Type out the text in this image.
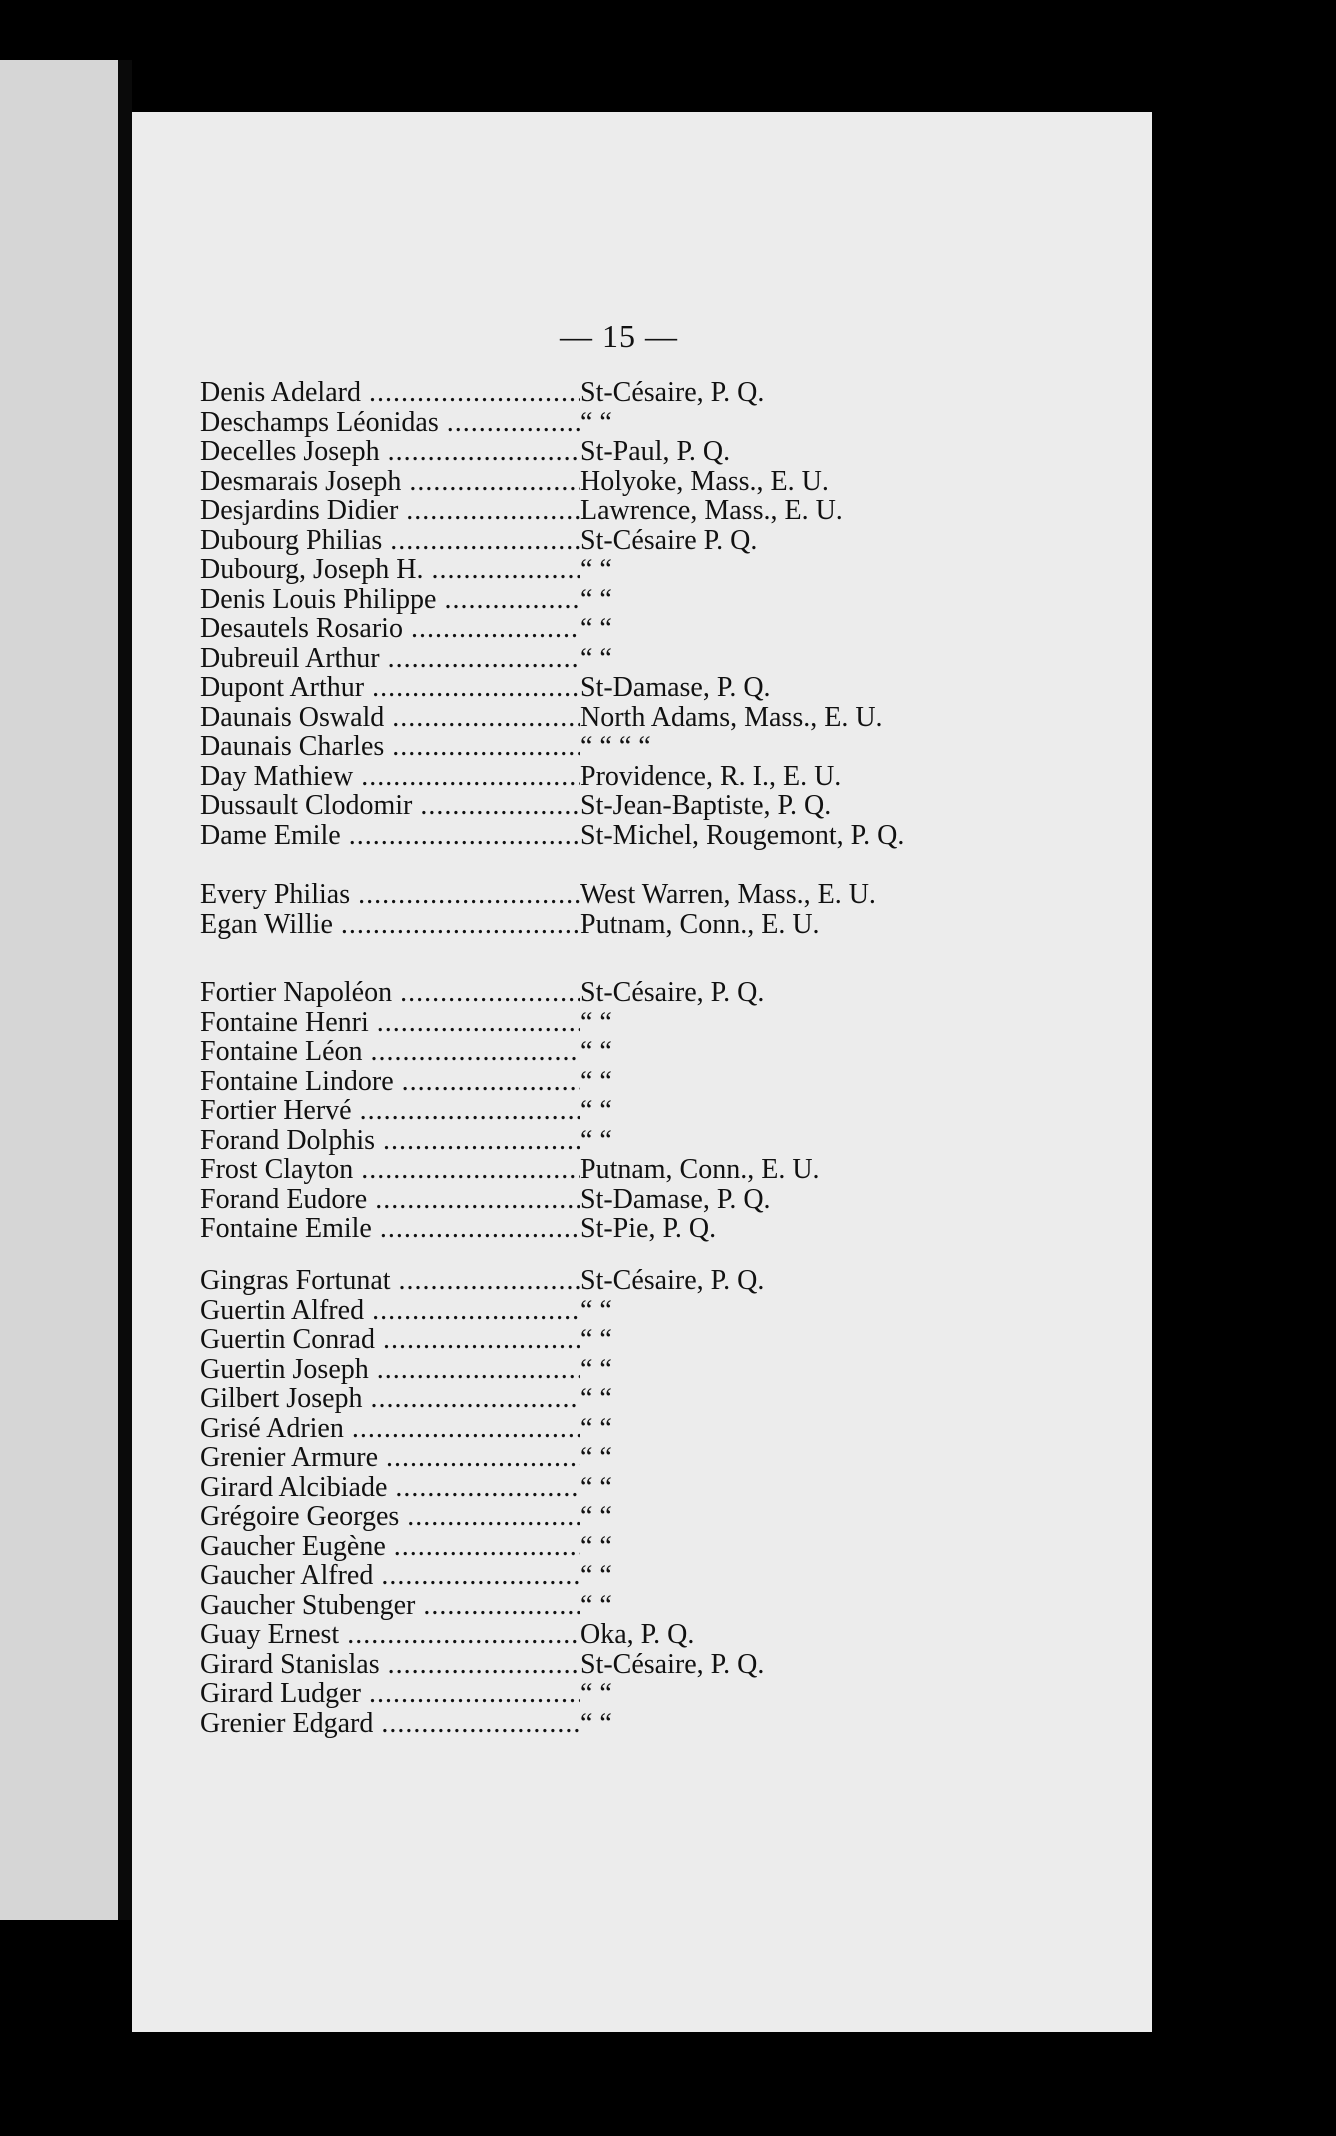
— 15 —
Denis Adelard .....	St-Césaire, P. Q.
Deschamps Léonidas .....	“ “
Decelles Joseph .....	St-Paul, P. Q.
Desmarais Joseph .....	Holyoke, Mass., E. U.
Desjardins Didier .....	Lawrence, Mass., E. U.
Dubourg Philias .....	St-Césaire P. Q.
Dubourg, Joseph H. .....	“ “
Denis Louis Philippe .....	“ “
Desautels Rosario .....	“ “
Dubreuil Arthur .....	“ “
Dupont Arthur .....	St-Damase, P. Q.
Daunais Oswald .....	North Adams, Mass., E. U.
Daunais Charles .....	“ “ “ “
Day Mathiew .....	Providence, R. I., E. U.
Dussault Clodomir .....	St-Jean-Baptiste, P. Q.
Dame Emile .....	St-Michel, Rougemont, P. Q.
Every Philias .....	West Warren, Mass., E. U.
Egan Willie .....	Putnam, Conn., E. U.
Fortier Napoléon .....	St-Césaire, P. Q.
Fontaine Henri .....	“ “
Fontaine Léon .....	“ “
Fontaine Lindore .....	“ “
Fortier Hervé .....	“ “
Forand Dolphis .....	“ “
Frost Clayton .....	Putnam, Conn., E. U.
Forand Eudore .....	St-Damase, P. Q.
Fontaine Emile .....	St-Pie, P. Q.
Gingras Fortunat .....	St-Césaire, P. Q.
Guertin Alfred .....	“ “
Guertin Conrad .....	“ “
Guertin Joseph .....	“ “
Gilbert Joseph .....	“ “
Grisé Adrien .....	“ “
Grenier Armure .....	“ “
Girard Alcibiade .....	“ “
Grégoire Georges .....	“ “
Gaucher Eugène .....	“ “
Gaucher Alfred .....	“ “
Gaucher Stubenger .....	“ “
Guay Ernest .....	Oka, P. Q.
Girard Stanislas .....	St-Césaire, P. Q.
Girard Ludger .....	“ “
Grenier Edgard .....	“ “
